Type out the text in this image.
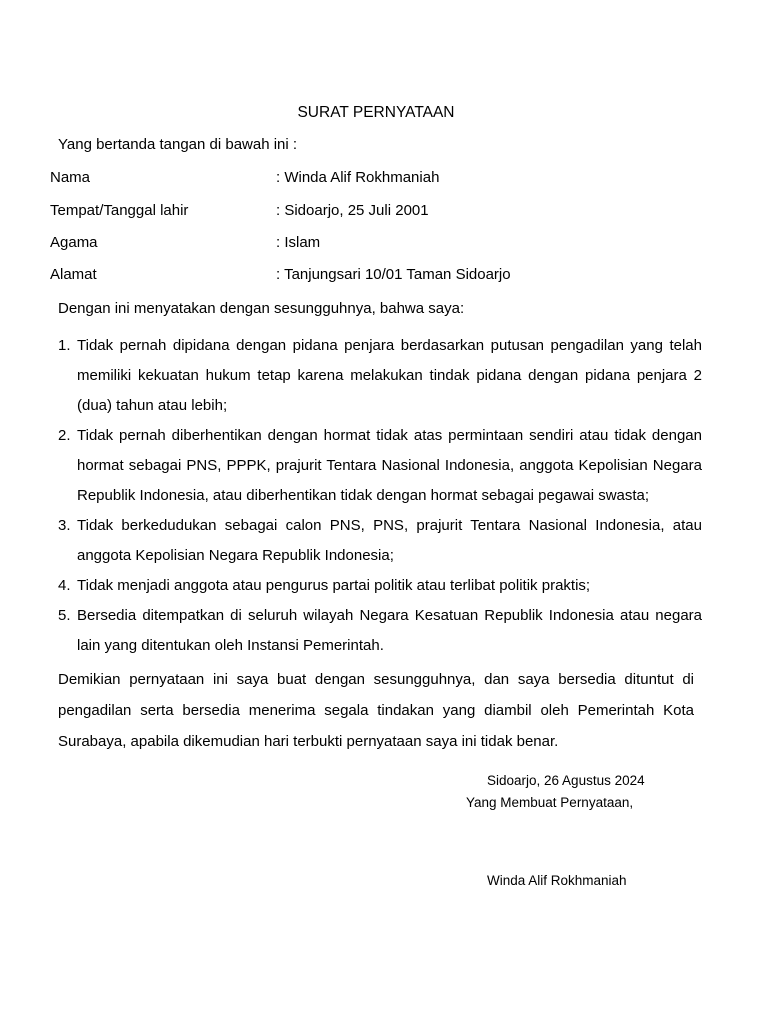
SURAT PERNYATAAN
Yang bertanda tangan di bawah ini :
Nama	: Winda Alif Rokhmaniah
Tempat/Tanggal lahir	: Sidoarjo, 25 Juli 2001
Agama	: Islam
Alamat	: Tanjungsari 10/01 Taman Sidoarjo
Dengan ini menyatakan dengan sesungguhnya, bahwa saya:
1. Tidak pernah dipidana dengan pidana penjara berdasarkan putusan pengadilan yang telah memiliki kekuatan hukum tetap karena melakukan tindak pidana dengan pidana penjara 2 (dua) tahun atau lebih;
2. Tidak pernah diberhentikan dengan hormat tidak atas permintaan sendiri atau tidak dengan hormat sebagai PNS, PPPK, prajurit Tentara Nasional Indonesia, anggota Kepolisian Negara Republik Indonesia, atau diberhentikan tidak dengan hormat sebagai pegawai swasta;
3. Tidak berkedudukan sebagai calon PNS, PNS, prajurit Tentara Nasional Indonesia, atau anggota Kepolisian Negara Republik Indonesia;
4. Tidak menjadi anggota atau pengurus partai politik atau terlibat politik praktis;
5. Bersedia ditempatkan di seluruh wilayah Negara Kesatuan Republik Indonesia atau negara lain yang ditentukan oleh Instansi Pemerintah.
Demikian pernyataan ini saya buat dengan sesungguhnya, dan saya bersedia dituntut di pengadilan serta bersedia menerima segala tindakan yang diambil oleh Pemerintah Kota Surabaya, apabila dikemudian hari terbukti pernyataan saya ini tidak benar.
Sidoarjo, 26 Agustus 2024
Yang Membuat Pernyataan,
Winda Alif Rokhmaniah
